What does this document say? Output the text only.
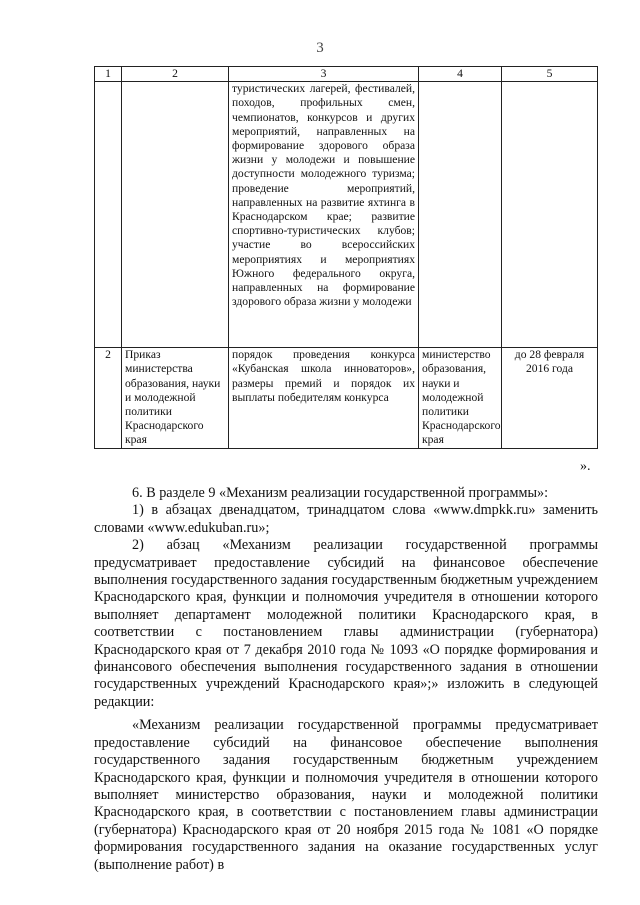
3
1	2	3	4	5
		туристических лагерей, фестивалей, походов, профильных смен, чемпионатов, конкурсов и других мероприятий, направленных на формирование здорового образа жизни у молодежи и повышение доступности молодежного туризма; проведение мероприятий, направленных на развитие яхтинга в Краснодарском крае; развитие спортивно-туристических клубов; участие во всероссийских мероприятиях и мероприятиях Южного федерального округа, направленных на формирование здорового образа жизни у молодежи		
2	Приказ министерства образования, науки и молодежной политики Краснодарского края	порядок проведения конкурса «Кубанская школа инноваторов», размеры премий и порядок их выплаты победителям конкурса	министерство образования, науки и молодежной политики Краснодарского края	до 28 февраля 2016 года
».

6. В разделе 9 «Механизм реализации государственной программы»:

1) в абзацах двенадцатом, тринадцатом слова «www.dmpkk.ru» заменить словами «www.edukuban.ru»;

2) абзац «Механизм реализации государственной программы предусматривает предоставление субсидий на финансовое обеспечение выполнения государственного задания государственным бюджетным учреждением Краснодарского края, функции и полномочия учредителя в отношении которого выполняет департамент молодежной политики Краснодарского края, в соответствии с постановлением главы администрации (губернатора) Краснодарского края от 7 декабря 2010 года № 1093 «О порядке формирования и финансового обеспечения выполнения государственного задания в отношении государственных учреждений Краснодарского края»;» изложить в следующей редакции:

«Механизм реализации государственной программы предусматривает предоставление субсидий на финансовое обеспечение выполнения государственного задания государственным бюджетным учреждением Краснодарского края, функции и полномочия учредителя в отношении которого выполняет министерство образования, науки и молодежной политики Краснодарского края, в соответствии с постановлением главы администрации (губернатора) Краснодарского края от 20 ноября 2015 года № 1081 «О порядке формирования государственного задания на оказание государственных услуг (выполнение работ) в
